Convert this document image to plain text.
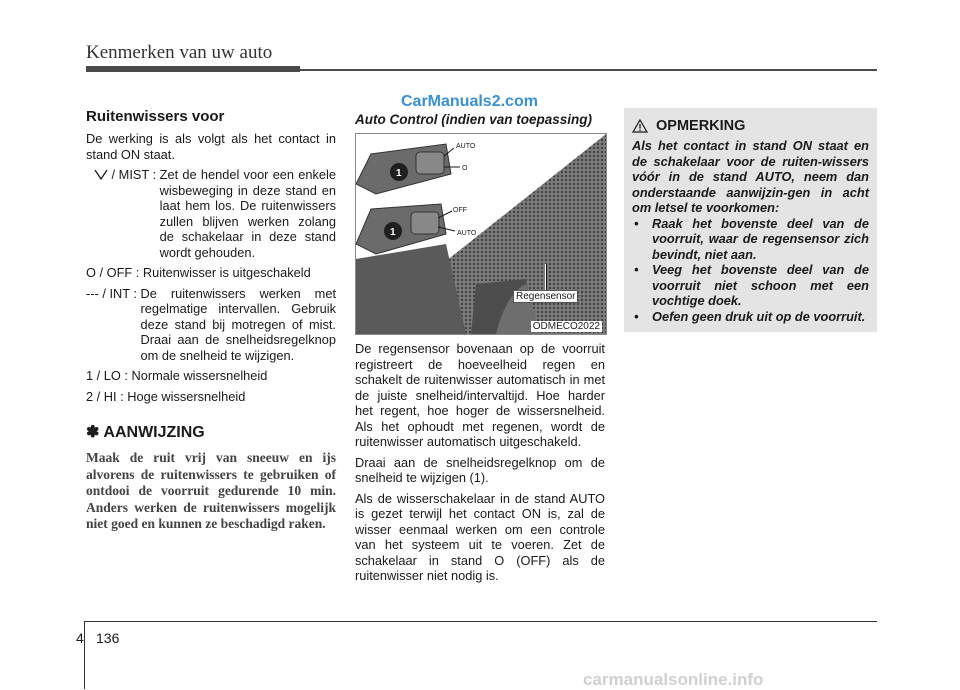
Kenmerken van uw auto
CarManuals2.com
Ruitenwissers voor
De werking is als volgt als het contact in stand ON staat.
/ MIST : Zet de hendel voor een enkele wisbeweging in deze stand en laat hem los. De ruitenwissers zullen blijven werken zolang de schakelaar in deze stand wordt gehouden.
O / OFF : Ruitenwisser is uitgeschakeld
--- / INT : De ruitenwissers werken met regelmatige intervallen. Gebruik deze stand bij motregen of mist. Draai aan de snelheidsregelknop om de snelheid te wijzigen.
1 / LO : Normale wissersnelheid
2 / HI : Hoge wissersnelheid
✽ AANWIJZING

Maak de ruit vrij van sneeuw en ijs alvorens de ruitenwissers te gebruiken of ontdooi de voorruit gedurende 10 min. Anders werken de ruitenwissers mogelijk niet goed en kunnen ze beschadigd raken.

Auto Control (indien van toepassing)
AUTO
O
OFF
AUTO
1
1
Regensensor
ODMECO2022
De regensensor bovenaan op de voorruit registreert de hoeveelheid regen en schakelt de ruitenwisser automatisch in met de juiste snelheid/intervaltijd. Hoe harder het regent, hoe hoger de wissersnelheid. Als het ophoudt met regenen, wordt de ruitenwisser automatisch uitgeschakeld.
Draai aan de snelheidsregelknop om de snelheid te wijzigen (1).
Als de wisserschakelaar in de stand AUTO is gezet terwijl het contact ON is, zal de wisser eenmaal werken om een controle van het systeem uit te voeren. Zet de schakelaar in stand O (OFF) als de ruitenwisser niet nodig is.
OPMERKING

Als het contact in stand ON staat en de schakelaar voor de ruiten-wissers vóór in de stand AUTO, neem dan onderstaande aanwijzin-gen in acht om letsel te voorkomen:

•	Raak het bovenste deel van de voorruit, waar de regensensor zich bevindt, niet aan.
•	Veeg het bovenste deel van de voorruit niet schoon met een vochtige doek.
•	Oefen geen druk uit op de voorruit.
4 136
carmanualsonline.info
